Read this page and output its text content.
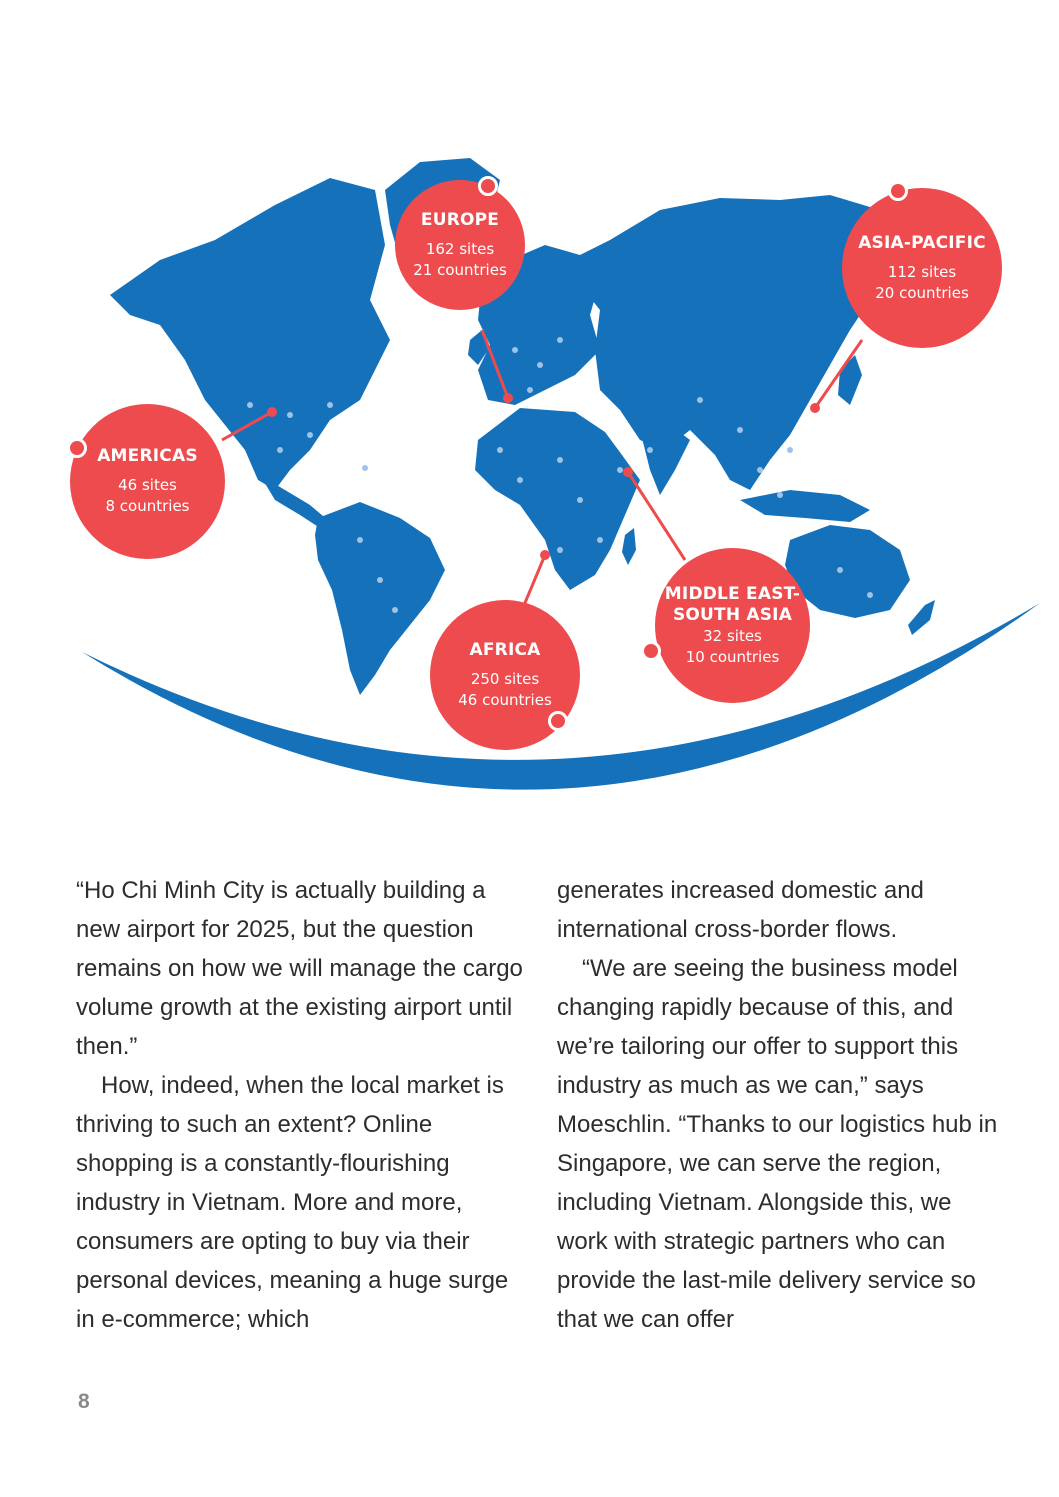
EUROPE
162 sites
21 countries
ASIA-PACIFIC
112 sites
20 countries
AMERICAS
46 sites
8 countries
AFRICA
250 sites
46 countries
MIDDLE EAST-
SOUTH ASIA
32 sites
10 countries

“Ho Chi Minh City is actually building a new airport for 2025, but the question remains on how we will manage the cargo volume growth at the existing airport until then.”

How, indeed, when the local market is thriving to such an extent? Online shopping is a constantly-flourishing industry in Vietnam. More and more, consumers are opting to buy via their personal devices, meaning a huge surge in e-commerce; which

generates increased domestic and international cross-border flows.

“We are seeing the business model changing rapidly because of this, and we’re tailoring our offer to support this industry as much as we can,” says Moeschlin. “Thanks to our logistics hub in Singapore, we can serve the region, including Vietnam. Alongside this, we work with strategic partners who can provide the last-mile delivery service so that we can offer

8
